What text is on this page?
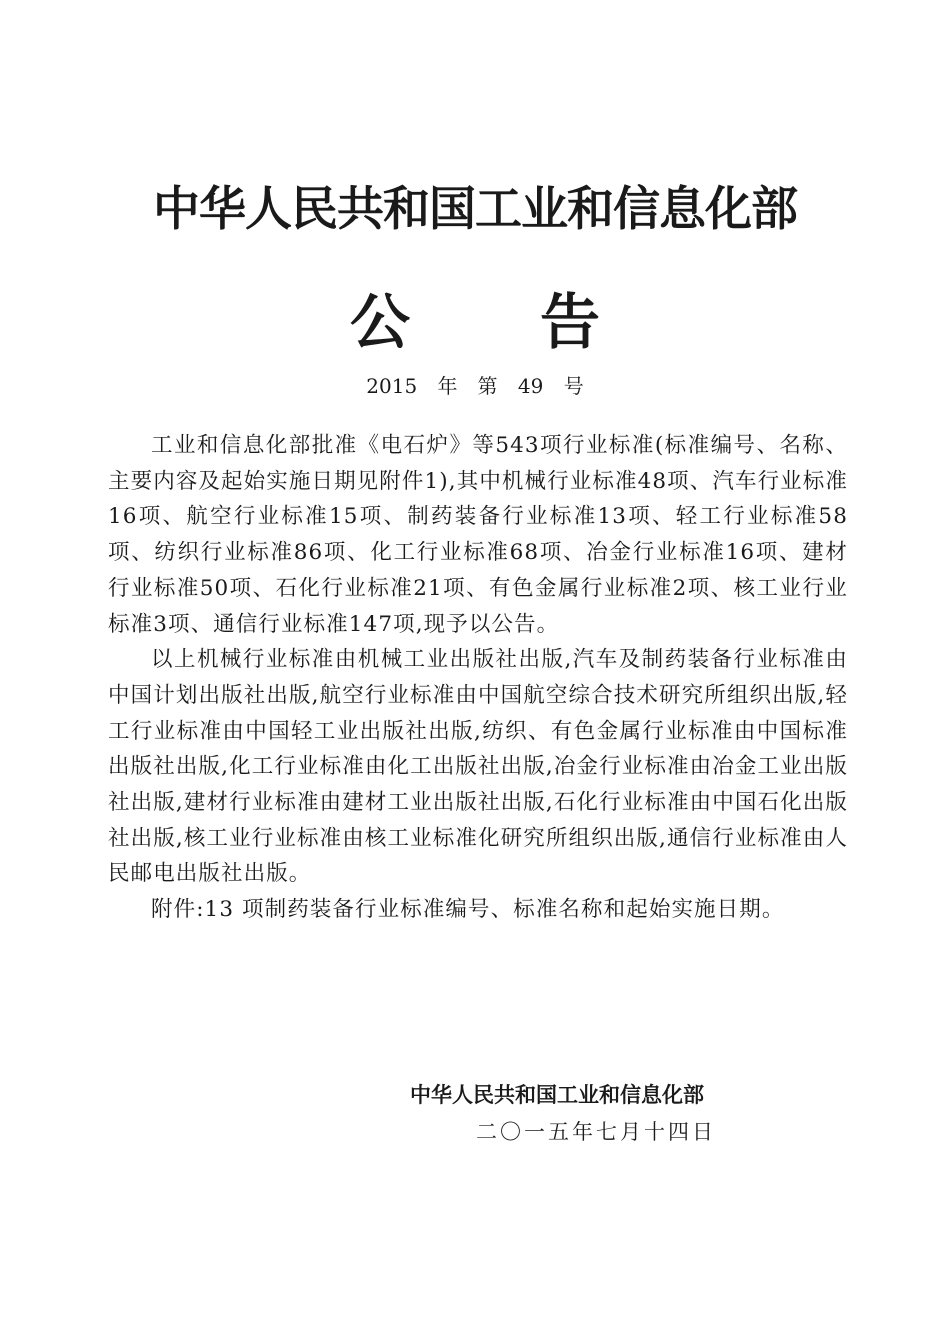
中华人民共和国工业和信息化部
公告
2015 年　第 49 号

工业和信息化部批准《电石炉》等543项行业标准(标准编号、名称、主要内容及起始实施日期见附件1),其中机械行业标准48项、汽车行业标准16项、航空行业标准15项、制药装备行业标准13项、轻工行业标准58项、纺织行业标准86项、化工行业标准68项、冶金行业标准16项、建材行业标准50项、石化行业标准21项、有色金属行业标准2项、核工业行业标准3项、通信行业标准147项,现予以公告。

以上机械行业标准由机械工业出版社出版,汽车及制药装备行业标准由中国计划出版社出版,航空行业标准由中国航空综合技术研究所组织出版,轻工行业标准由中国轻工业出版社出版,纺织、有色金属行业标准由中国标准出版社出版,化工行业标准由化工出版社出版,冶金行业标准由冶金工业出版社出版,建材行业标准由建材工业出版社出版,石化行业标准由中国石化出版社出版,核工业行业标准由核工业标准化研究所组织出版,通信行业标准由人民邮电出版社出版。

附件:13 项制药装备行业标准编号、标准名称和起始实施日期。

中华人民共和国工业和信息化部
二〇一五年七月十四日
